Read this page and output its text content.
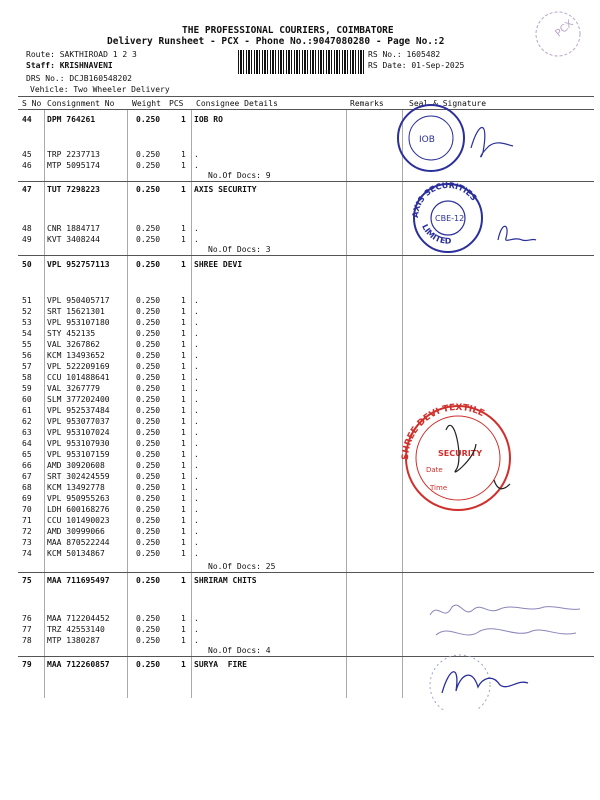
THE PROFESSIONAL COURIERS, COIMBATORE
Delivery Runsheet - PCX - Phone No.:9047080280 - Page No.:2
Route: SAKTHIROAD 1 2 3
Staff: KRISHNAVENI
DRS No.: DCJB160548202
Vehicle: Two Wheeler Delivery
RS No.: 1605482
RS Date: 01-Sep-2025
PCX
S No Consignment No Weight PCS Consignee Details	Remarks	Seal & Signature
44 DPM 764261	0.250	1 IOB RO
45 TRP 2237713	0.250	1 .
46 MTP 5095174	0.250	1 .
47 TUT 7298223	0.250	1 AXIS SECURITY
48 CNR 1884717	0.250	1 .
49 KVT 3408244	0.250	1 .
50 VPL 952757113	0.250	1 SHREE DEVI
51 VPL 950405717	0.250	1 .
52 SRT 15621301	0.250	1 .
53 VPL 953107180	0.250	1 .
54 STY 452135	0.250	1 .
55 VAL 3267862	0.250	1 .
56 KCM 13493652	0.250	1 .
57 VPL 522209169	0.250	1 .
58 CCU 101488641	0.250	1 .
59 VAL 3267779	0.250	1 .
60 SLM 377202400	0.250	1 .
61 VPL 952537484	0.250	1 .
62 VPL 953077037	0.250	1 .
63 VPL 953107024	0.250	1 .
64 VPL 953107930	0.250	1 .
65 VPL 953107159	0.250	1 .
66 AMD 30920608	0.250	1 .
67 SRT 302424559	0.250	1 .
68 KCM 13492778	0.250	1 .
69 VPL 950955263	0.250	1 .
70 LDH 600168276	0.250	1 .
71 CCU 101490023	0.250	1 .
72 AMD 30999066	0.250	1 .
73 MAA 870522244	0.250	1 .
74 KCM 50134867	0.250	1 .
75 MAA 711695497	0.250	1 SHRIRAM CHITS
76 MAA 712204452	0.250	1 .
77 TRZ 42553140	0.250	1 .
78 MTP 1380287	0.250	1 .
79 MAA 712260857	0.250	1 SURYA  FIRE
No.Of Docs: 9
No.Of Docs: 3
No.Of Docs: 25
No.Of Docs: 4
IOB
AXIS SECURITIES
LIMITED
CBE-12
SHREE DEVI TEXTILE
SECURITY
Date
Time
